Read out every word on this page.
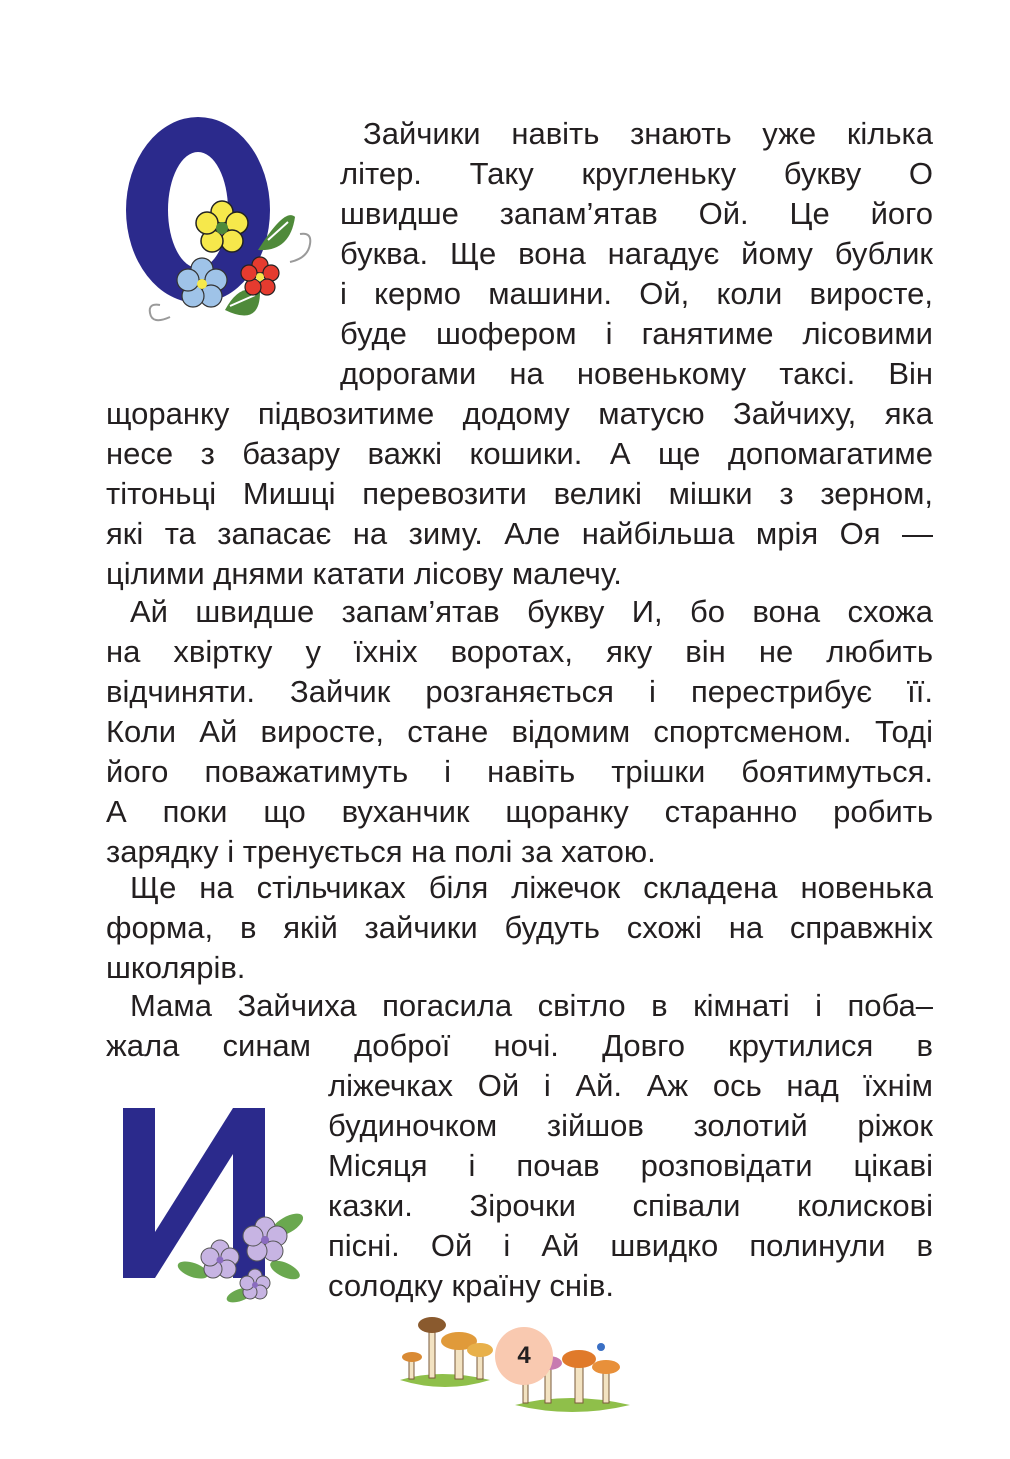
Зайчики навіть знають уже кілька
літер. Таку кругленьку букву О
швидше запам’ятав Ой. Це його
буква. Ще вона нагадує йому бублик
і кермо машини. Ой, коли виросте,
буде шофером і ганятиме лісовими
дорогами на новенькому таксі. Він
щоранку підвозитиме додому матусю Зайчиху, яка
несе з базару важкі кошики. А ще допомагатиме
тітоньці Мишці перевозити великі мішки з зерном,
які та запасає на зиму. Але найбільша мрія Оя —
цілими днями катати лісову малечу.
Ай швидше запам’ятав букву И, бо вона схожа
на хвіртку у їхніх воротах, яку він не любить
відчиняти. Зайчик розганяється і перестрибує її.
Коли Ай виросте, стане відомим спортсменом. Тоді
його поважатимуть і навіть трішки боятимуться.
А поки що вуханчик щоранку старанно робить
зарядку і тренується на полі за хатою.
Ще на стільчиках біля ліжечок складена новенька
форма, в якій зайчики будуть схожі на справжніх
школярів.
Мама Зайчиха погасила світло в кімнаті і поба–
жала синам доброї ночі. Довго крутилися в
ліжечках Ой і Ай. Аж ось над їхнім
будиночком зійшов золотий ріжок
Місяця і почав розповідати цікаві
казки. Зірочки співали колискові
пісні. Ой і Ай швидко полинули в
солодку країну снів.
4
